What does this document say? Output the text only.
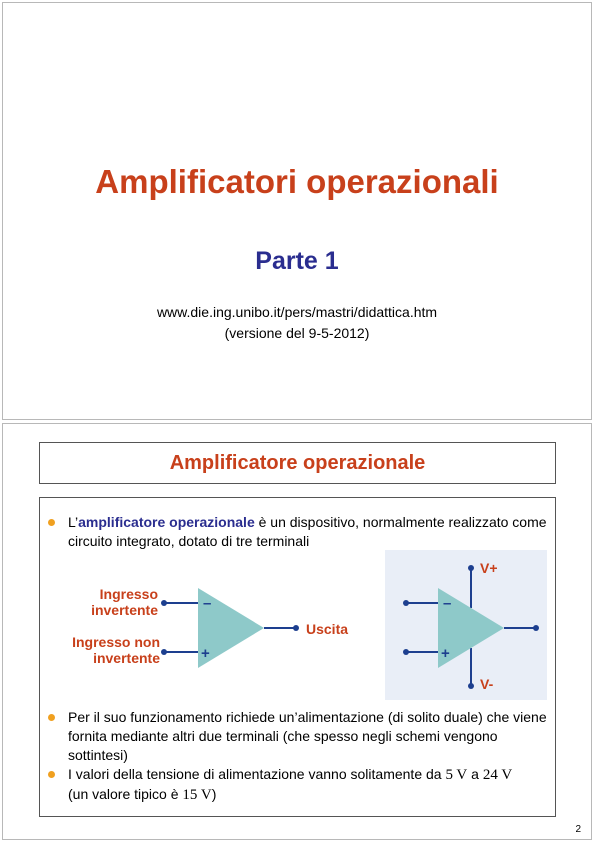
Amplificatori operazionali
Parte 1
www.die.ing.unibo.it/pers/mastri/didattica.htm
(versione del 9-5-2012)
Amplificatore operazionale
L’amplificatore operazionale è un dispositivo, normalmente realizzato come circuito integrato, dotato di tre terminali
Ingresso invertente
Ingresso non invertente
Uscita
–
+
–
+
V+
V-
Per il suo funzionamento richiede un’alimentazione (di solito duale) che viene fornita mediante altri due terminali (che spesso negli schemi vengono sottintesi)
I valori della tensione di alimentazione vanno solitamente da 5 V a 24 V
(un valore tipico è 15 V)
2
